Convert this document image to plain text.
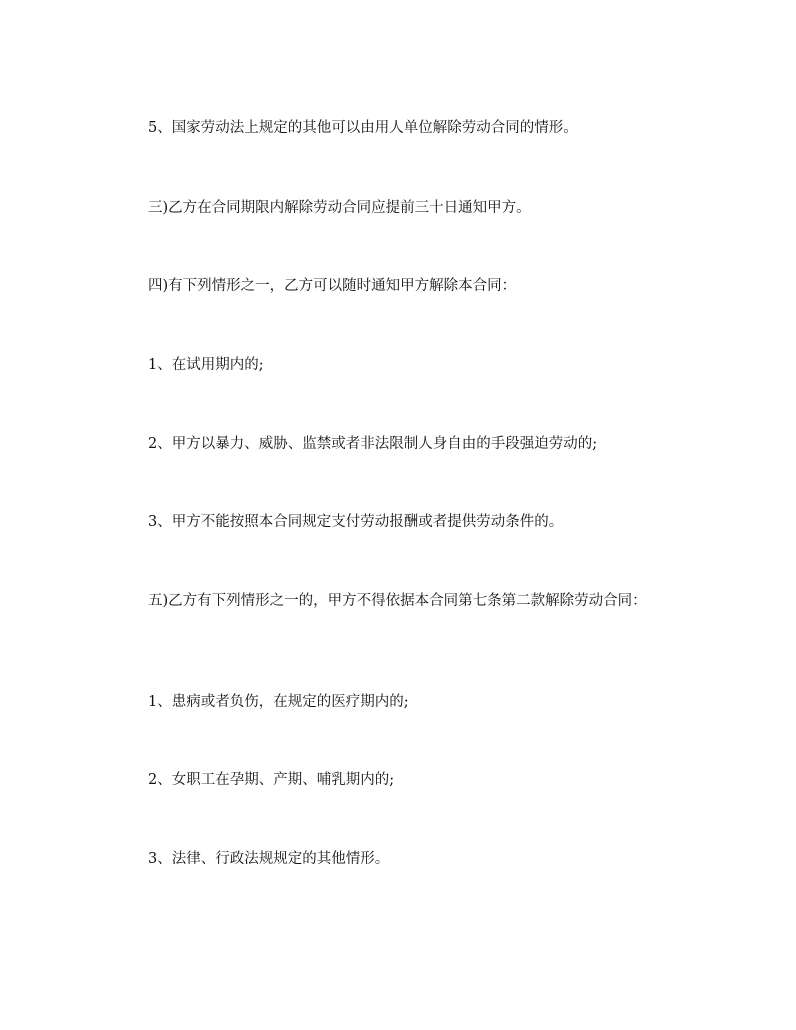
5、国家劳动法上规定的其他可以由用人单位解除劳动合同的情形。

三)乙方在合同期限内解除劳动合同应提前三十日通知甲方。

四)有下列情形之一，乙方可以随时通知甲方解除本合同：

1、在试用期内的;

2、甲方以暴力、威胁、监禁或者非法限制人身自由的手段强迫劳动的;

3、甲方不能按照本合同规定支付劳动报酬或者提供劳动条件的。

五)乙方有下列情形之一的，甲方不得依据本合同第七条第二款解除劳动合同：

1、患病或者负伤，在规定的医疗期内的;

2、女职工在孕期、产期、哺乳期内的;

3、法律、行政法规规定的其他情形。
